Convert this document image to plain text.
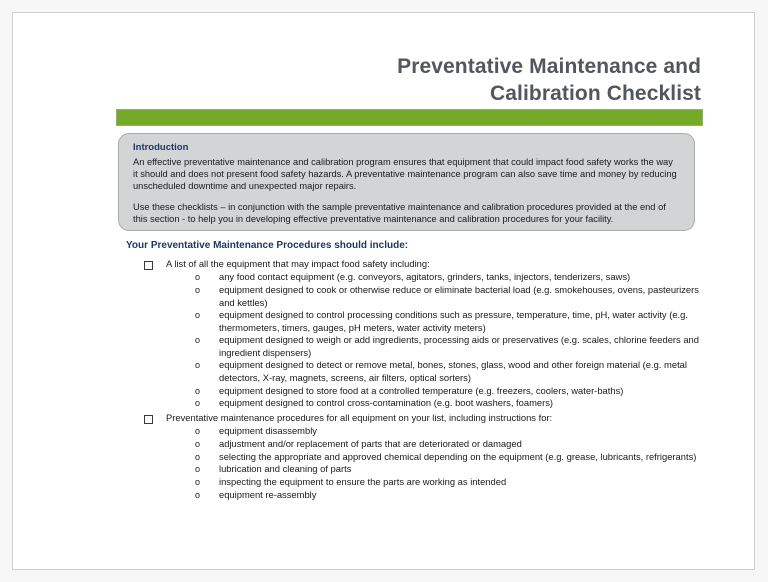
Preventative Maintenance and
Calibration Checklist
Introduction

An effective preventative maintenance and calibration program ensures that equipment that could impact food safety works the way it should and does not present food safety hazards. A preventative maintenance program can also save time and money by reducing unscheduled downtime and unexpected major repairs.

Use these checklists – in conjunction with the sample preventative maintenance and calibration procedures provided at the end of this section - to help you in developing effective preventative maintenance and calibration procedures for your facility.

Your Preventative Maintenance Procedures should include:
A list of all the equipment that may impact food safety including:
o any food contact equipment (e.g. conveyors, agitators, grinders, tanks, injectors, tenderizers, saws)
o equipment designed to cook or otherwise reduce or eliminate bacterial load (e.g. smokehouses, ovens, pasteurizers and kettles)
o equipment designed to control processing conditions such as pressure, temperature, time, pH, water activity (e.g. thermometers, timers, gauges, pH meters, water activity meters)
o equipment designed to weigh or add ingredients, processing aids or preservatives (e.g. scales, chlorine feeders and ingredient dispensers)
o equipment designed to detect or remove metal, bones, stones, glass, wood and other foreign material (e.g. metal detectors, X-ray, magnets, screens, air filters, optical sorters)
o equipment designed to store food at a controlled temperature (e.g. freezers, coolers, water-baths)
o equipment designed to control cross-contamination (e.g. boot washers, foamers)
Preventative maintenance procedures for all equipment on your list, including instructions for:
o equipment disassembly
o adjustment and/or replacement of parts that are deteriorated or damaged
o selecting the appropriate and approved chemical depending on the equipment (e.g. grease, lubricants, refrigerants)
o lubrication and cleaning of parts
o inspecting the equipment to ensure the parts are working as intended
o equipment re-assembly
